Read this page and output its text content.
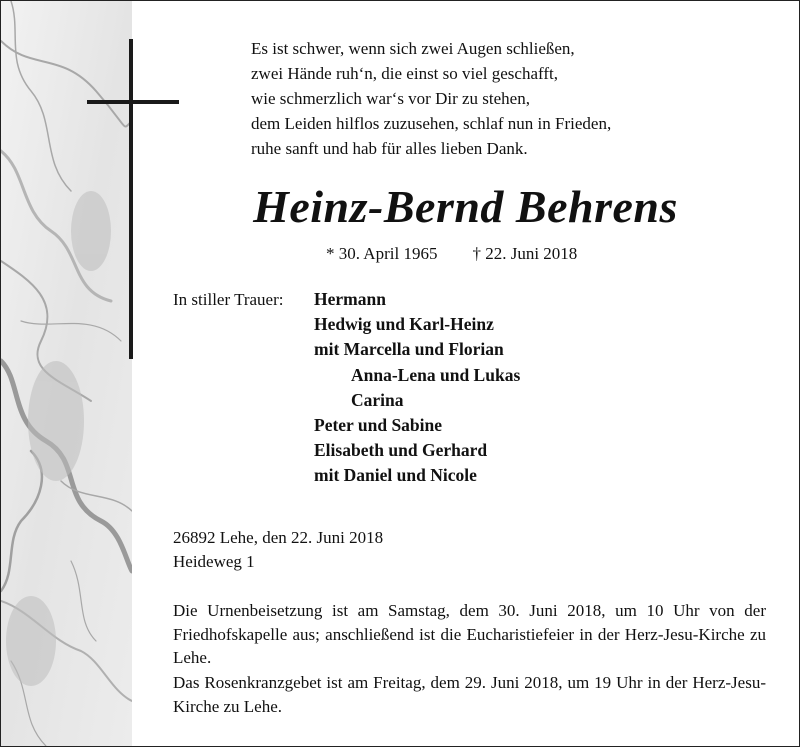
Es ist schwer, wenn sich zwei Augen schließen,
zwei Hände ruh‘n, die einst so viel geschafft,
wie schmerzlich war‘s vor Dir zu stehen,
dem Leiden hilflos zuzusehen, schlaf nun in Frieden,
ruhe sanft und hab für alles lieben Dank.
Heinz-Bernd Behrens
* 30. April 1965 † 22. Juni 2018
In stiller Trauer: Hermann
Hedwig und Karl-Heinz
mit Marcella und Florian
Anna-Lena und Lukas
Carina
Peter und Sabine
Elisabeth und Gerhard
mit Daniel und Nicole
26892 Lehe, den 22. Juni 2018
Heideweg 1
Die Urnenbeisetzung ist am Samstag, dem 30. Juni 2018, um 10 Uhr von der Friedhofskapelle aus; anschließend ist die Eucharistiefeier in der Herz-Jesu-Kirche zu Lehe.
Das Rosenkranzgebet ist am Freitag, dem 29. Juni 2018, um 19 Uhr in der Herz-Jesu-Kirche zu Lehe.
